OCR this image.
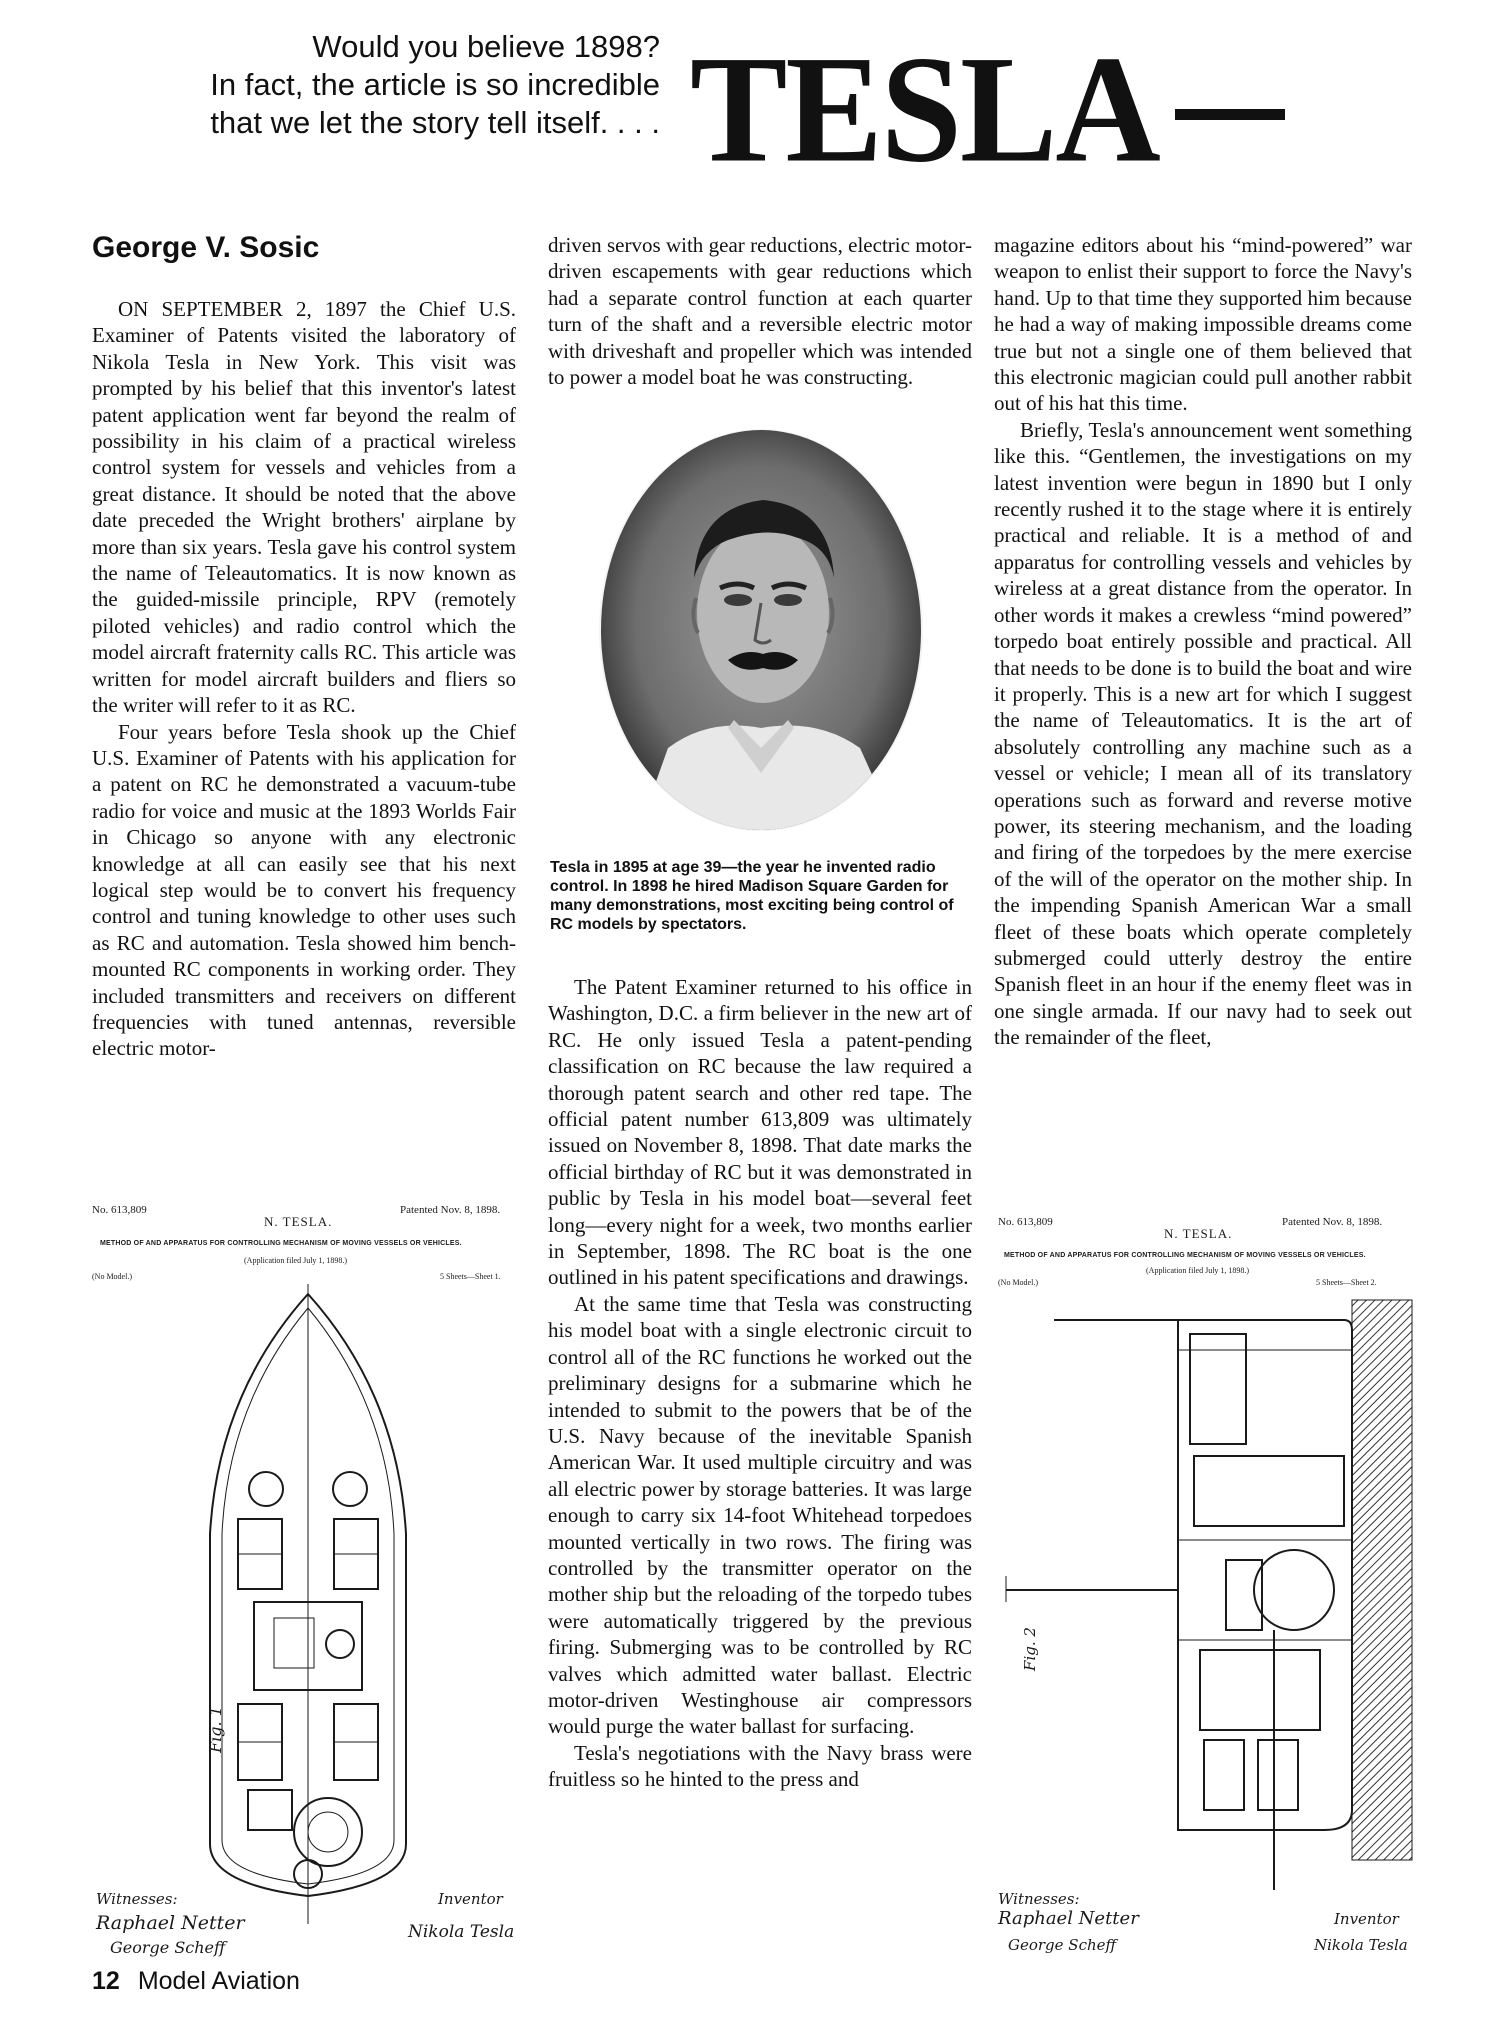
Would you believe 1898?
In fact, the article is so incredible
that we let the story tell itself. . . . TESLA
George V. Sosic

ON SEPTEMBER 2, 1897 the Chief U.S. Examiner of Patents visited the laboratory of Nikola Tesla in New York. This visit was prompted by his belief that this inventor's latest patent application went far beyond the realm of possibility in his claim of a practical wireless control system for vessels and vehicles from a great distance. It should be noted that the above date preceded the Wright brothers' airplane by more than six years. Tesla gave his control system the name of Teleautomatics. It is now known as the guided-missile principle, RPV (remotely piloted vehicles) and radio control which the model aircraft fraternity calls RC. This article was written for model aircraft builders and fliers so the writer will refer to it as RC.

Four years before Tesla shook up the Chief U.S. Examiner of Patents with his application for a patent on RC he demonstrated a vacuum-tube radio for voice and music at the 1893 Worlds Fair in Chicago so anyone with any electronic knowledge at all can easily see that his next logical step would be to convert his frequency control and tuning knowledge to other uses such as RC and automation. Tesla showed him bench-mounted RC components in working order. They included transmitters and receivers on different frequencies with tuned antennas, reversible electric motor-

driven servos with gear reductions, electric motor-driven escapements with gear reductions which had a separate control function at each quarter turn of the shaft and a reversible electric motor with driveshaft and propeller which was intended to power a model boat he was constructing.

Tesla in 1895 at age 39—the year he invented radio control. In 1898 he hired Madison Square Garden for many demonstrations, most exciting being control of RC models by spectators.

The Patent Examiner returned to his office in Washington, D.C. a firm believer in the new art of RC. He only issued Tesla a patent-pending classification on RC because the law required a thorough patent search and other red tape. The official patent number 613,809 was ultimately issued on November 8, 1898. That date marks the official birthday of RC but it was demonstrated in public by Tesla in his model boat—several feet long—every night for a week, two months earlier in September, 1898. The RC boat is the one outlined in his patent specifications and drawings.

At the same time that Tesla was constructing his model boat with a single electronic circuit to control all of the RC functions he worked out the preliminary designs for a submarine which he intended to submit to the powers that be of the U.S. Navy because of the inevitable Spanish American War. It used multiple circuitry and was all electric power by storage batteries. It was large enough to carry six 14-foot Whitehead torpedoes mounted vertically in two rows. The firing was controlled by the transmitter operator on the mother ship but the reloading of the torpedo tubes were automatically triggered by the previous firing. Submerging was to be controlled by RC valves which admitted water ballast. Electric motor-driven Westinghouse air compressors would purge the water ballast for surfacing.

Tesla's negotiations with the Navy brass were fruitless so he hinted to the press and

magazine editors about his “mind-powered” war weapon to enlist their support to force the Navy's hand. Up to that time they supported him because he had a way of making impossible dreams come true but not a single one of them believed that this electronic magician could pull another rabbit out of his hat this time.

Briefly, Tesla's announcement went something like this. “Gentlemen, the investigations on my latest invention were begun in 1890 but I only recently rushed it to the stage where it is entirely practical and reliable. It is a method of and apparatus for controlling vessels and vehicles by wireless at a great distance from the operator. In other words it makes a crewless “mind powered” torpedo boat entirely possible and practical. All that needs to be done is to build the boat and wire it properly. This is a new art for which I suggest the name of Teleautomatics. It is the art of absolutely controlling any machine such as a vessel or vehicle; I mean all of its translatory operations such as forward and reverse motive power, its steering mechanism, and the loading and firing of the torpedoes by the mere exercise of the will of the operator on the mother ship. In the impending Spanish American War a small fleet of these boats which operate completely submerged could utterly destroy the entire Spanish fleet in an hour if the enemy fleet was in one single armada. If our navy had to seek out the remainder of the fleet,

No. 613,809
N. TESLA.
Patented Nov. 8, 1898.
METHOD OF AND APPARATUS FOR CONTROLLING MECHANISM OF MOVING VESSELS OR VEHICLES.
(Application filed July 1, 1898.)
(No Model.)	5 Sheets—Sheet 1.
Fig. 1
Witnesses:
Raphael Netter
George Scheff
Inventor
Nikola Tesla
No. 613,809
N. TESLA.
Patented Nov. 8, 1898.
METHOD OF AND APPARATUS FOR CONTROLLING MECHANISM OF MOVING VESSELS OR VEHICLES.
(Application filed July 1, 1898.)
(No Model.)	5 Sheets—Sheet 2.
Fig. 2
Witnesses:
Raphael Netter
George Scheff
Inventor
Nikola Tesla

12 Model Aviation
